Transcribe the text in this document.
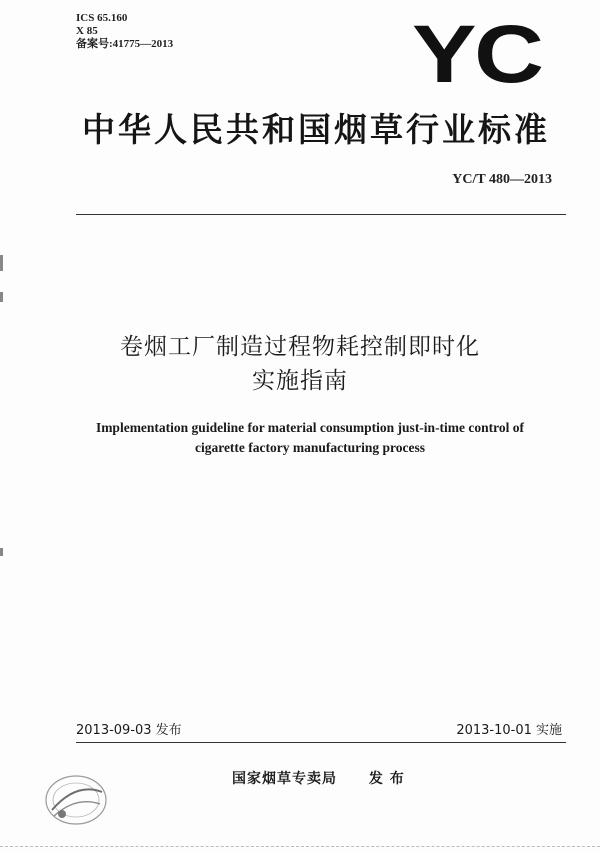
ICS 65.160
X 85
备案号:41775—2013	YC
中华人民共和国烟草行业标准
YC/T 480—2013
卷烟工厂制造过程物耗控制即时化
实施指南
Implementation guideline for material consumption just-in-time control of
cigarette factory manufacturing process
2013-09-03 发布	2013-10-01 实施
国家烟草专卖局 发 布
